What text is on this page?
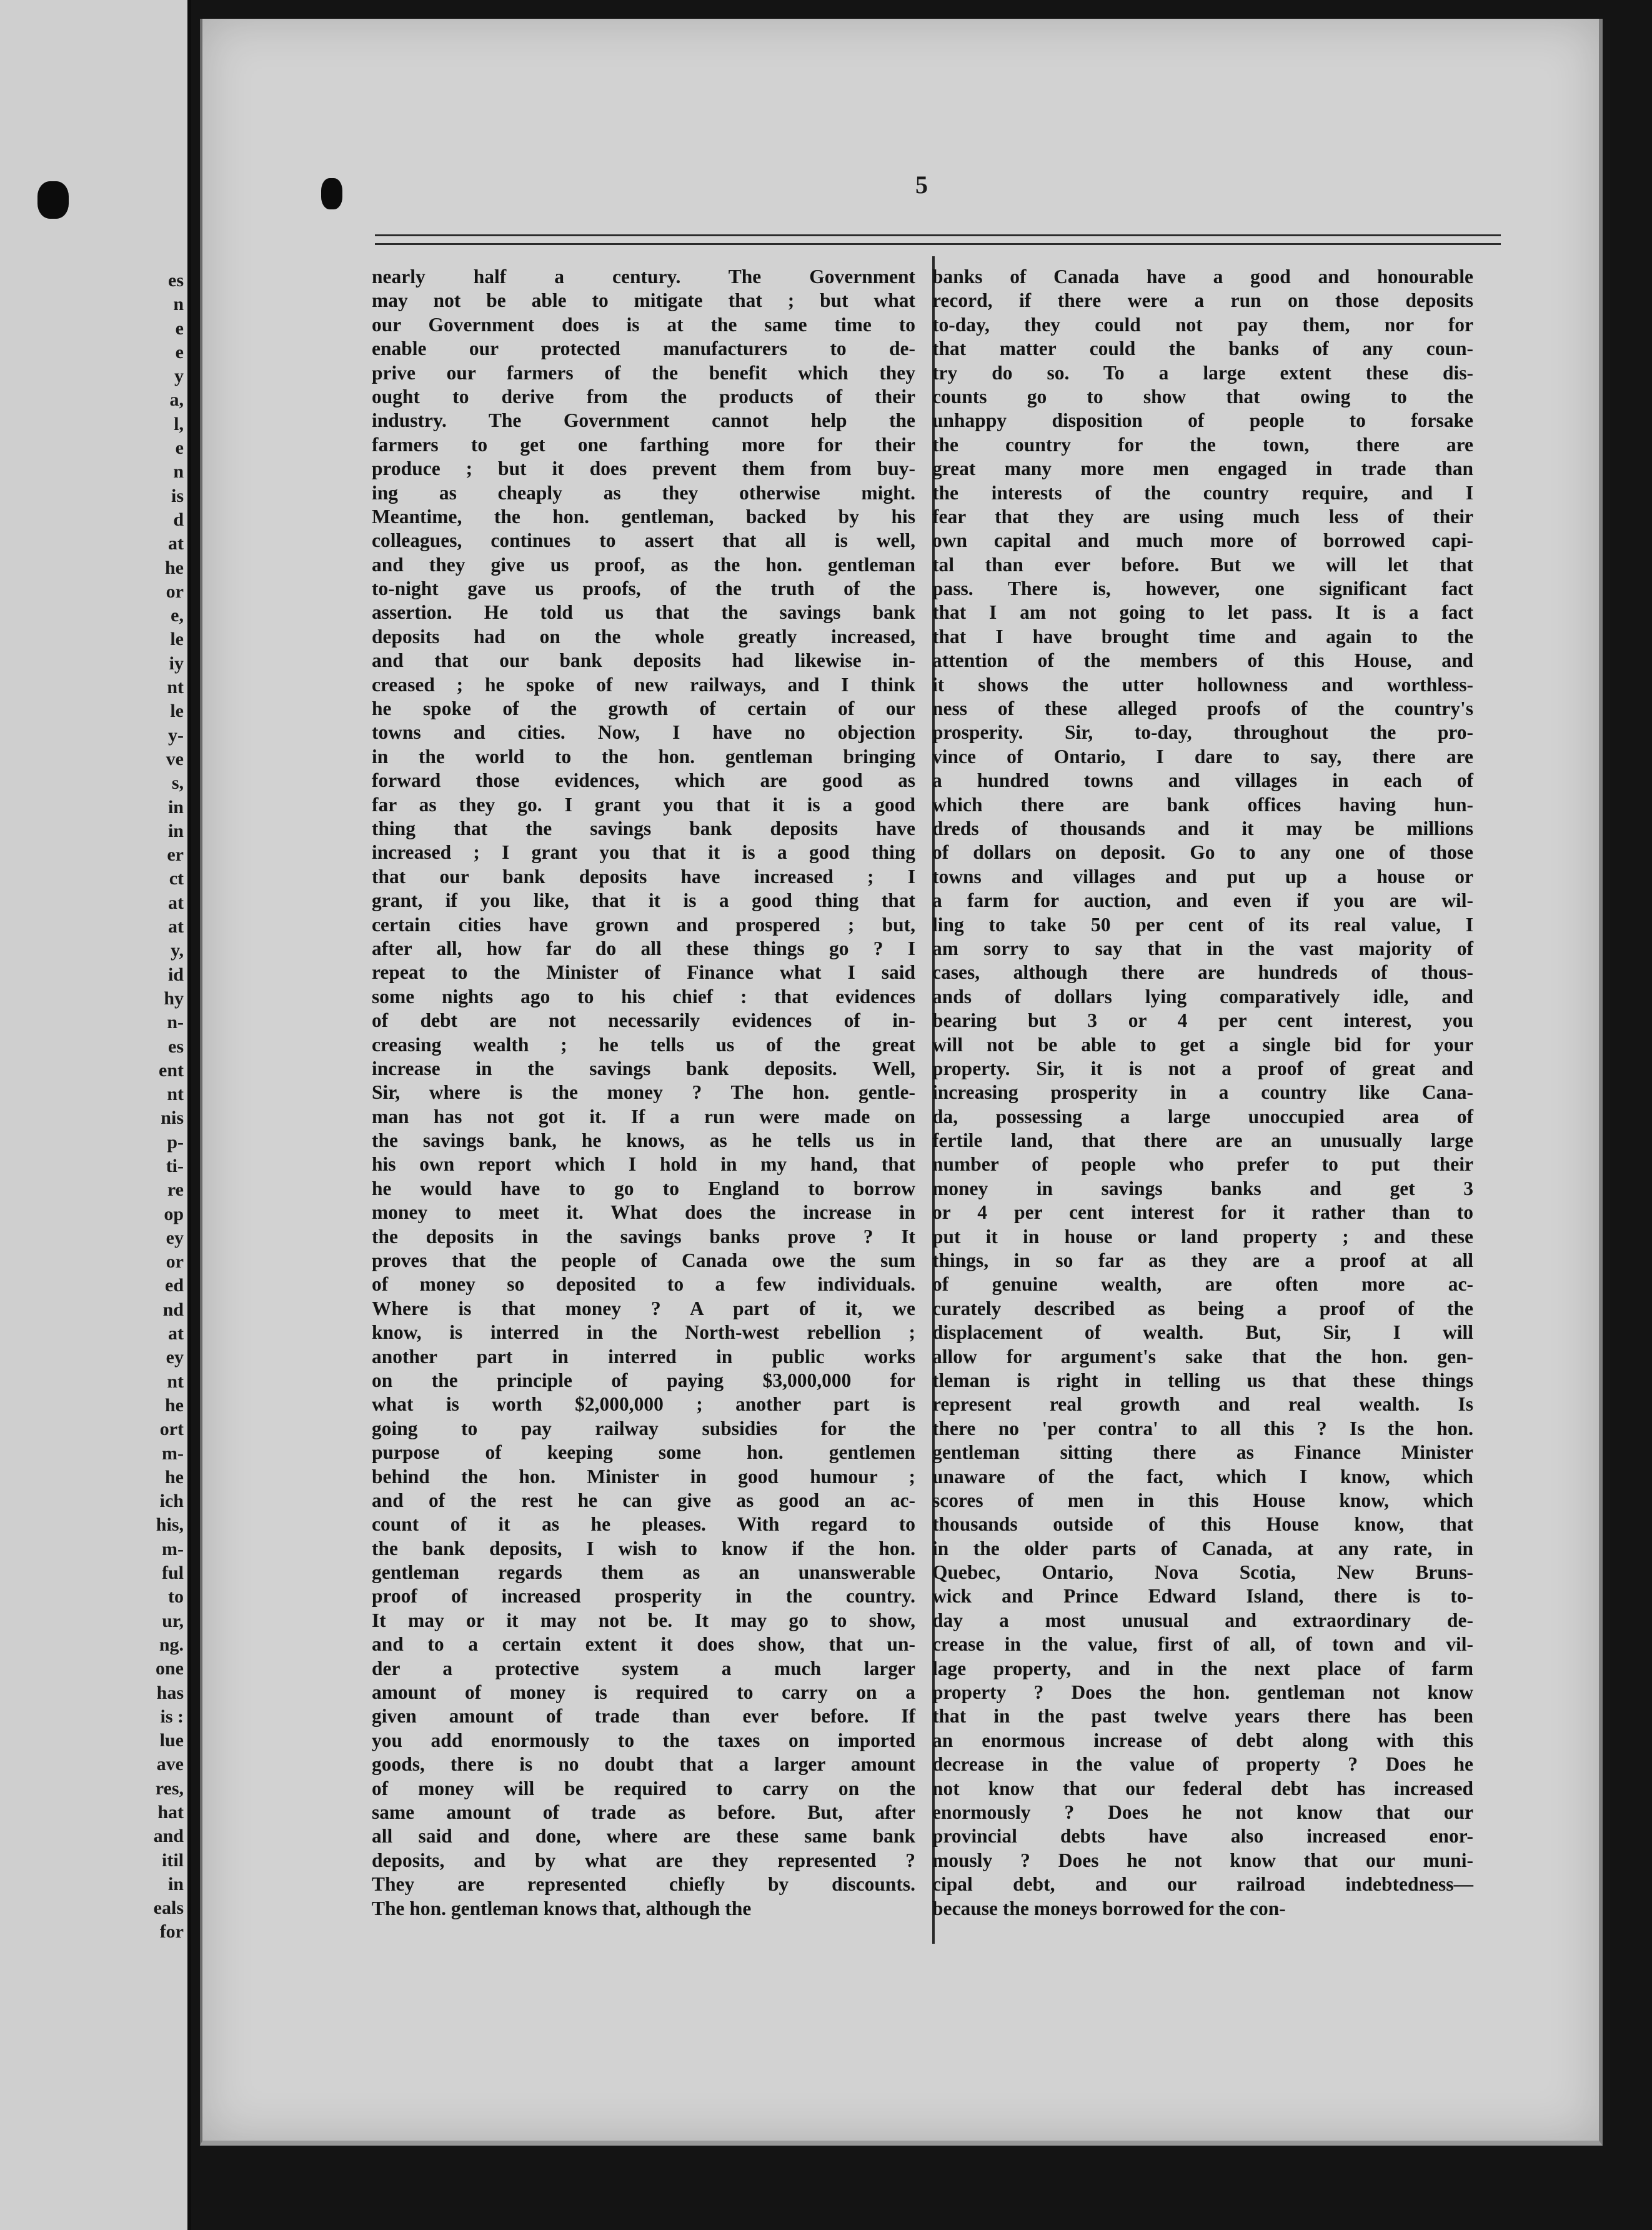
es
n
e
e
y
a,
l,
e
n
is
d
at
he
or
e,
le
iy
nt
le
y-
ve
s,
in
in
er
ct
at
at
y,
id
hy
n-
es
ent
nt
nis
p-
ti-
re
op
ey
or
ed
nd
at
ey
nt
he
ort
m-
he
ich
his,
m-
ful
to
ur,
ng.
one
has
is :
lue
ave
res,
hat
and
itil
in
eals
for
5
nearly half a century. The Government
may not be able to mitigate that ; but what
our Government does is at the same time to
enable our protected manufacturers to de-
prive our farmers of the benefit which they
ought to derive from the products of their
industry. The Government cannot help the
farmers to get one farthing more for their
produce ; but it does prevent them from buy-
ing as cheaply as they otherwise might.
Meantime, the hon. gentleman, backed by his
colleagues, continues to assert that all is well,
and they give us proof, as the hon. gentleman
to-night gave us proofs, of the truth of the
assertion. He told us that the savings bank
deposits had on the whole greatly increased,
and that our bank deposits had likewise in-
creased ; he spoke of new railways, and I think
he spoke of the growth of certain of our
towns and cities. Now, I have no objection
in the world to the hon. gentleman bringing
forward those evidences, which are good as
far as they go. I grant you that it is a good
thing that the savings bank deposits have
increased ; I grant you that it is a good thing
that our bank deposits have increased ; I
grant, if you like, that it is a good thing that
certain cities have grown and prospered ; but,
after all, how far do all these things go ? I
repeat to the Minister of Finance what I said
some nights ago to his chief : that evidences
of debt are not necessarily evidences of in-
creasing wealth ; he tells us of the great
increase in the savings bank deposits. Well,
Sir, where is the money ? The hon. gentle-
man has not got it. If a run were made on
the savings bank, he knows, as he tells us in
his own report which I hold in my hand, that
he would have to go to England to borrow
money to meet it. What does the increase in
the deposits in the savings banks prove ? It
proves that the people of Canada owe the sum
of money so deposited to a few individuals.
Where is that money ? A part of it, we
know, is interred in the North-west rebellion ;
another part in interred in public works
on the principle of paying $3,000,000 for
what is worth $2,000,000 ; another part is
going to pay railway subsidies for the
purpose of keeping some hon. gentlemen
behind the hon. Minister in good humour ;
and of the rest he can give as good an ac-
count of it as he pleases. With regard to
the bank deposits, I wish to know if the hon.
gentleman regards them as an unanswerable
proof of increased prosperity in the country.
It may or it may not be. It may go to show,
and to a certain extent it does show, that un-
der a protective system a much larger
amount of money is required to carry on a
given amount of trade than ever before. If
you add enormously to the taxes on imported
goods, there is no doubt that a larger amount
of money will be required to carry on the
same amount of trade as before. But, after
all said and done, where are these same bank
deposits, and by what are they represented ?
They are represented chiefly by discounts.
The hon. gentleman knows that, although the
banks of Canada have a good and honourable
record, if there were a run on those deposits
to-day, they could not pay them, nor for
that matter could the banks of any coun-
try do so. To a large extent these dis-
counts go to show that owing to the
unhappy disposition of people to forsake
the country for the town, there are
great many more men engaged in trade than
the interests of the country require, and I
fear that they are using much less of their
own capital and much more of borrowed capi-
tal than ever before. But we will let that
pass. There is, however, one significant fact
that I am not going to let pass. It is a fact
that I have brought time and again to the
attention of the members of this House, and
it shows the utter hollowness and worthless-
ness of these alleged proofs of the country's
prosperity. Sir, to-day, throughout the pro-
vince of Ontario, I dare to say, there are
a hundred towns and villages in each of
which there are bank offices having hun-
dreds of thousands and it may be millions
of dollars on deposit. Go to any one of those
towns and villages and put up a house or
a farm for auction, and even if you are wil-
ling to take 50 per cent of its real value, I
am sorry to say that in the vast majority of
cases, although there are hundreds of thous-
ands of dollars lying comparatively idle, and
bearing but 3 or 4 per cent interest, you
will not be able to get a single bid for your
property. Sir, it is not a proof of great and
increasing prosperity in a country like Cana-
da, possessing a large unoccupied area of
fertile land, that there are an unusually large
number of people who prefer to put their
money in savings banks and get 3
or 4 per cent interest for it rather than to
put it in house or land property ; and these
things, in so far as they are a proof at all
of genuine wealth, are often more ac-
curately described as being a proof of the
displacement of wealth. But, Sir, I will
allow for argument's sake that the hon. gen-
tleman is right in telling us that these things
represent real growth and real wealth. Is
there no 'per contra' to all this ? Is the hon.
gentleman sitting there as Finance Minister
unaware of the fact, which I know, which
scores of men in this House know, which
thousands outside of this House know, that
in the older parts of Canada, at any rate, in
Quebec, Ontario, Nova Scotia, New Bruns-
wick and Prince Edward Island, there is to-
day a most unusual and extraordinary de-
crease in the value, first of all, of town and vil-
lage property, and in the next place of farm
property ? Does the hon. gentleman not know
that in the past twelve years there has been
an enormous increase of debt along with this
decrease in the value of property ? Does he
not know that our federal debt has increased
enormously ? Does he not know that our
provincial debts have also increased enor-
mously ? Does he not know that our muni-
cipal debt, and our railroad indebtedness—
because the moneys borrowed for the con-
